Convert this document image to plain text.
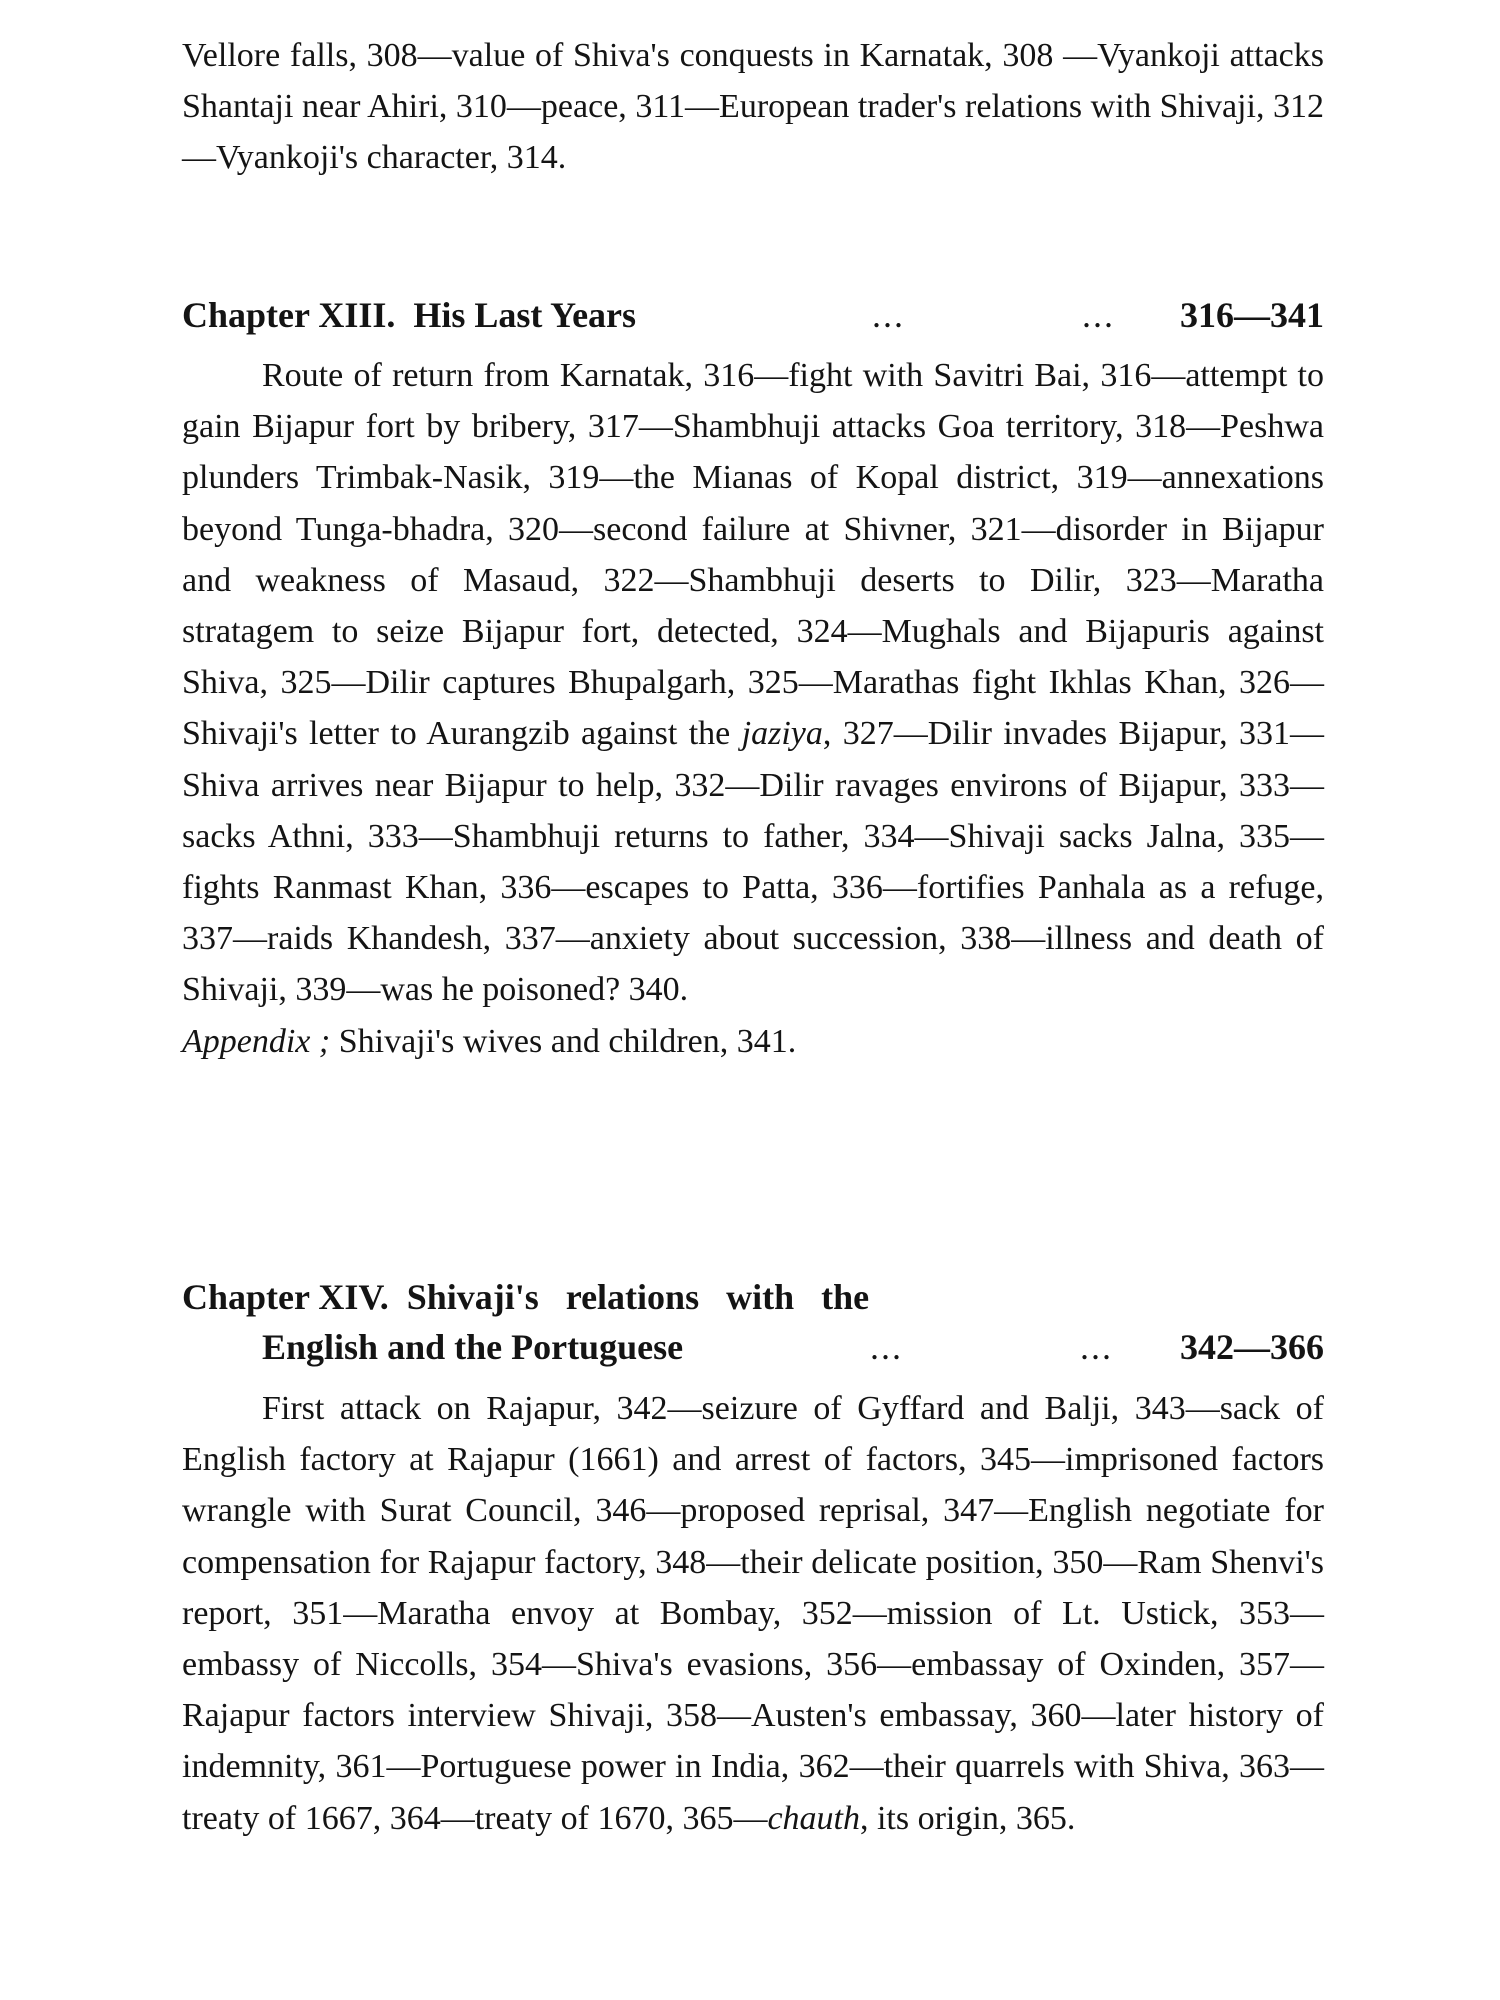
Vellore falls, 308—value of Shiva's conquests in Karnatak, 308 —Vyankoji attacks Shantaji near Ahiri, 310—peace, 311—European trader's relations with Shivaji, 312—Vyankoji's character, 314.

Chapter XIII. His Last Years	...	... 316—341

Route of return from Karnatak, 316—fight with Savitri Bai, 316—attempt to gain Bijapur fort by bribery, 317—Shambhuji attacks Goa territory, 318—Peshwa plunders Trimbak-Nasik, 319—the Mianas of Kopal district, 319—annexations beyond Tunga-bhadra, 320—second failure at Shivner, 321—disorder in Bijapur and weakness of Masaud, 322—Shambhuji deserts to Dilir, 323—Maratha stratagem to seize Bijapur fort, detected, 324—Mughals and Bijapuris against Shiva, 325—Dilir captures Bhupalgarh, 325—Marathas fight Ikhlas Khan, 326—Shivaji's letter to Aurangzib against the jaziya, 327—Dilir invades Bijapur, 331—Shiva arrives near Bijapur to help, 332—Dilir ravages environs of Bijapur, 333—sacks Athni, 333—Shambhuji returns to father, 334—Shivaji sacks Jalna, 335—fights Ranmast Khan, 336—escapes to Patta, 336—fortifies Panhala as a refuge, 337—raids Khandesh, 337—anxiety about succession, 338—illness and death of Shivaji, 339—was he poisoned? 340.

Appendix ; Shivaji's wives and children, 341.

Chapter XIV. Shivaji's   relations   with   the
English and the Portuguese	...	... 342—366

First attack on Rajapur, 342—seizure of Gyffard and Balji, 343—sack of English factory at Rajapur (1661) and arrest of factors, 345—imprisoned factors wrangle with Surat Council, 346—proposed reprisal, 347—English negotiate for compensation for Rajapur factory, 348—their delicate position, 350—Ram Shenvi's report, 351—Maratha envoy at Bombay, 352—mission of Lt. Ustick, 353—embassy of Niccolls, 354—Shiva's evasions, 356—embassay of Oxinden, 357—Rajapur factors interview Shivaji, 358—Austen's embassay, 360—later history of indemnity, 361—Portuguese power in India, 362—their quarrels with Shiva, 363—treaty of 1667, 364—treaty of 1670, 365—chauth, its origin, 365.
